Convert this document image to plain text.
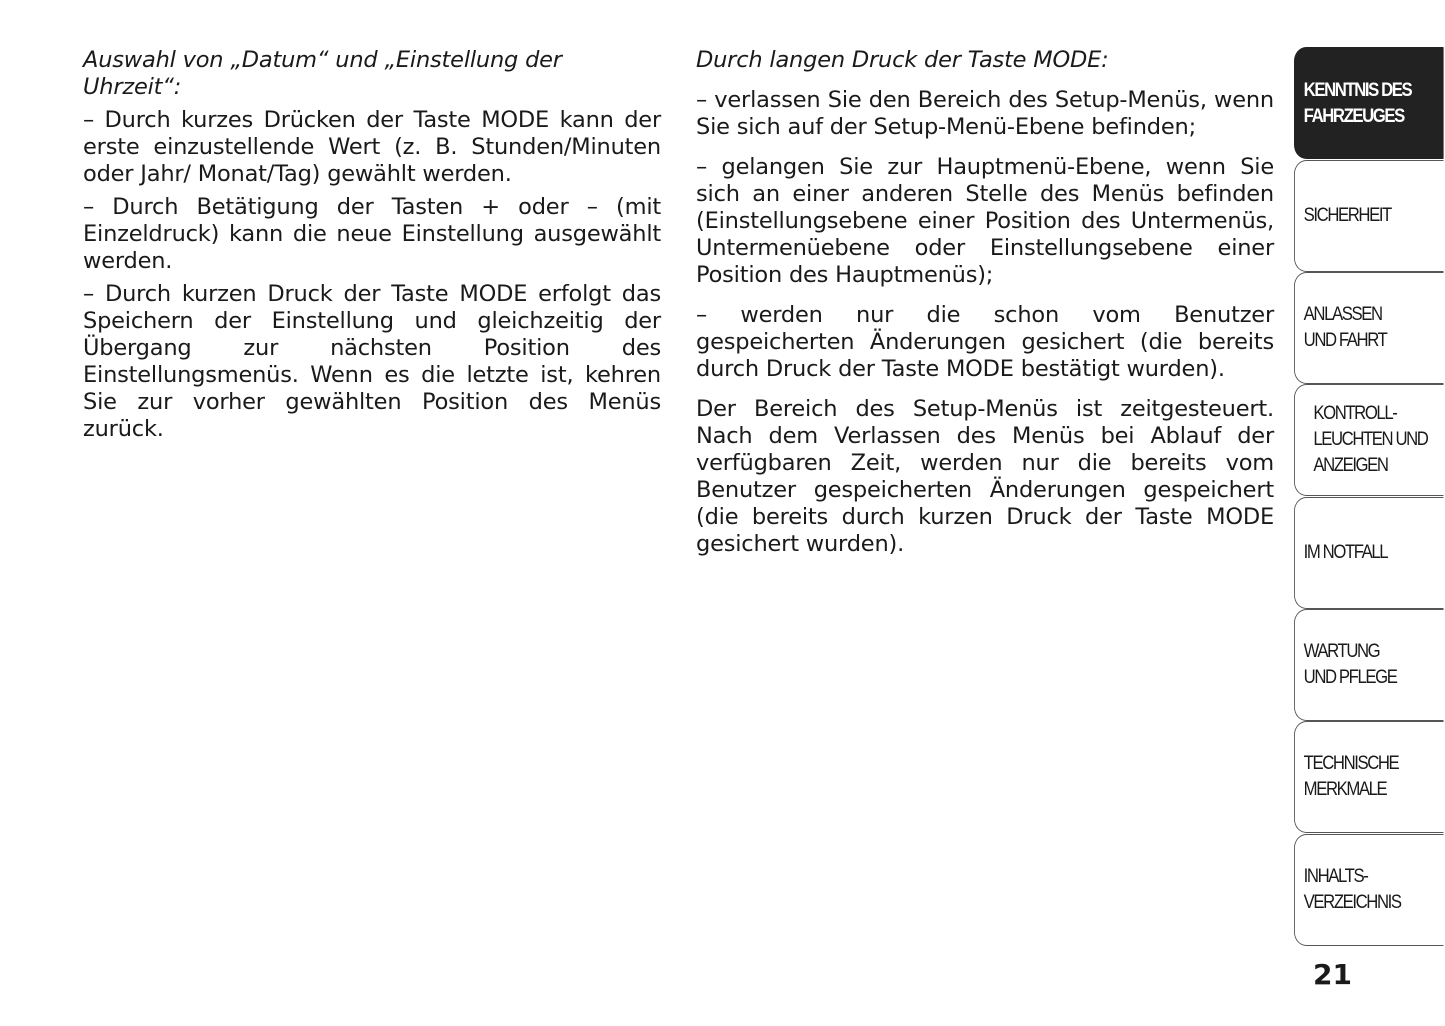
Auswahl von „Datum“ und „Einstellung der Uhrzeit“:

– Durch kurzes Drücken der Taste MODE kann der erste einzustellende Wert (z. B. Stunden/Minuten oder Jahr/ Monat/Tag) gewählt werden.

– Durch Betätigung der Tasten + oder – (mit Einzeldruck) kann die neue Einstellung ausgewählt werden.

– Durch kurzen Druck der Taste MODE erfolgt das Speichern der Einstellung und gleichzeitig der Übergang zur nächsten Position des Einstellungsmenüs. Wenn es die letzte ist, kehren Sie zur vorher gewählten Position des Menüs zurück.

Durch langen Druck der Taste MODE:

– verlassen Sie den Bereich des Setup-Menüs, wenn Sie sich auf der Setup-Menü-Ebene befinden;

– gelangen Sie zur Hauptmenü-Ebene, wenn Sie sich an einer anderen Stelle des Menüs befinden (Einstellungsebene einer Position des Untermenüs, Untermenüebene oder Einstellungsebene einer Position des Hauptmenüs);

– werden nur die schon vom Benutzer gespeicherten Änderungen gesichert (die bereits durch Druck der Taste MODE bestätigt wurden).

Der Bereich des Setup-Menüs ist zeitgesteuert. Nach dem Verlassen des Menüs bei Ablauf der verfügbaren Zeit, werden nur die bereits vom Benutzer gespeicherten Änderungen gespeichert (die bereits durch kurzen Druck der Taste MODE gesichert wurden).

KENNTNIS DES
FAHRZEUGES
SICHERHEIT
ANLASSEN
UND FAHRT
KONTROLL-
LEUCHTEN UND
ANZEIGEN
IM NOTFALL
WARTUNG
UND PFLEGE
TECHNISCHE
MERKMALE
INHALTS-
VERZEICHNIS
21
